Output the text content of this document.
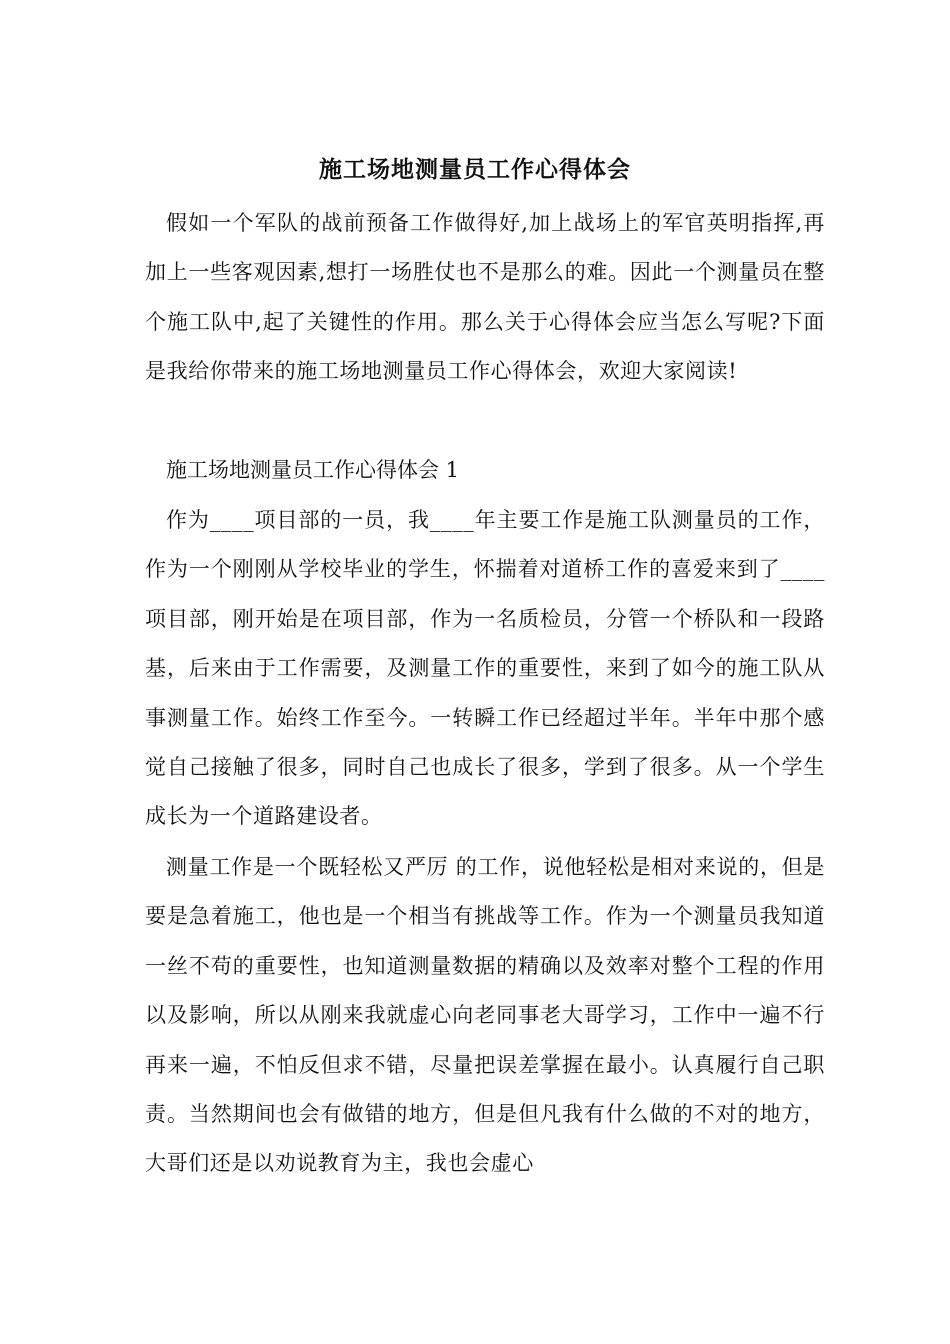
施工场地测量员工作心得体会
假如一个军队的战前预备工作做得好,加上战场上的军官英明指挥,再加上一些客观因素,想打一场胜仗也不是那么的难。因此一个测量员在整个施工队中,起了关键性的作用。那么关于心得体会应当怎么写呢?下面是我给你带来的施工场地测量员工作心得体会，欢迎大家阅读!
施工场地测量员工作心得体会 1
作为____项目部的一员，我____年主要工作是施工队测量员的工作，作为一个刚刚从学校毕业的学生，怀揣着对道桥工作的喜爱来到了____项目部，刚开始是在项目部，作为一名质检员，分管一个桥队和一段路基，后来由于工作需要，及测量工作的重要性，来到了如今的施工队从事测量工作。始终工作至今。一转瞬工作已经超过半年。半年中那个感觉自己接触了很多，同时自己也成长了很多，学到了很多。从一个学生成长为一个道路建设者。
测量工作是一个既轻松又严厉 的工作，说他轻松是相对来说的，但是要是急着施工，他也是一个相当有挑战等工作。作为一个测量员我知道一丝不苟的重要性，也知道测量数据的精确以及效率对整个工程的作用以及影响，所以从刚来我就虚心向老同事老大哥学习，工作中一遍不行再来一遍，不怕反但求不错，尽量把误差掌握在最小。认真履行自己职责。当然期间也会有做错的地方，但是但凡我有什么做的不对的地方，大哥们还是以劝说教育为主，我也会虚心
